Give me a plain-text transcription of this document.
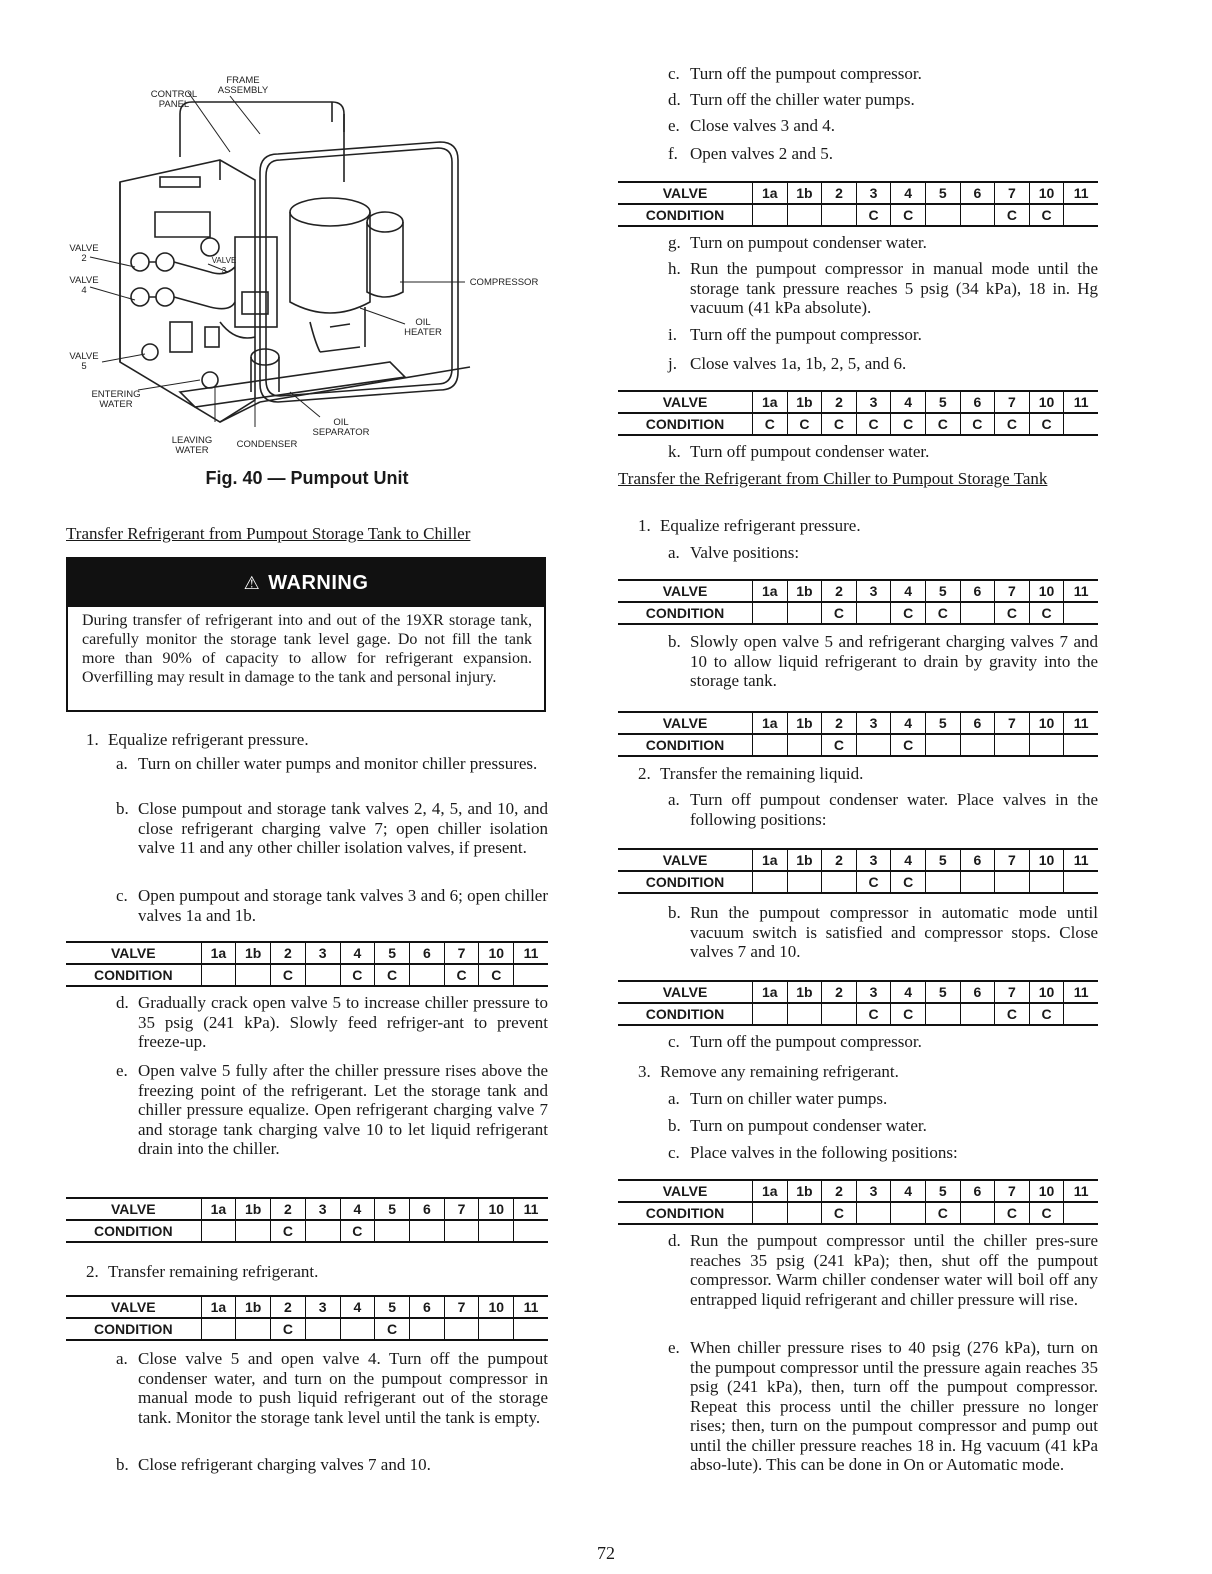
FRAME
ASSEMBLY
CONTROL
PANEL
VALVE
2
VALVE
4
VALVE
3
VALVE
5
COMPRESSOR
OIL
HEATER
ENTERING
WATER
LEAVING
WATER
CONDENSER
OIL
SEPARATOR
Fig. 40 — Pumpout Unit
Transfer Refrigerant from Pumpout Storage Tank to Chiller
⚠ WARNING
During transfer of refrigerant into and out of the 19XR storage tank, carefully monitor the storage tank level gage. Do not fill the tank more than 90% of capacity to allow for refrigerant expansion. Overfilling may result in damage to the tank and personal injury.
1. Equalize refrigerant pressure.
a. Turn on chiller water pumps and monitor chiller pressures.
b. Close pumpout and storage tank valves 2, 4, 5, and 10, and close refrigerant charging valve 7; open chiller isolation valve 11 and any other chiller isolation valves, if present.
c. Open pumpout and storage tank valves 3 and 6; open chiller valves 1a and 1b.
VALVE	1a	1b	2	3	4	5	6	7	10	11
CONDITION			C		C	C		C	C	
d. Gradually crack open valve 5 to increase chiller pressure to 35 psig (241 kPa). Slowly feed refriger-ant to prevent freeze-up.
e. Open valve 5 fully after the chiller pressure rises above the freezing point of the refrigerant. Let the storage tank and chiller pressure equalize. Open refrigerant charging valve 7 and storage tank charging valve 10 to let liquid refrigerant drain into the chiller.
VALVE	1a	1b	2	3	4	5	6	7	10	11
CONDITION			C		C					
2. Transfer remaining refrigerant.
VALVE	1a	1b	2	3	4	5	6	7	10	11
CONDITION			C			C				
a. Close valve 5 and open valve 4. Turn off the pumpout condenser water, and turn on the pumpout compressor in manual mode to push liquid refrigerant out of the storage tank. Monitor the storage tank level until the tank is empty.
b. Close refrigerant charging valves 7 and 10.
c. Turn off the pumpout compressor.
d. Turn off the chiller water pumps.
e. Close valves 3 and 4.
f. Open valves 2 and 5.
VALVE	1a	1b	2	3	4	5	6	7	10	11
CONDITION				C	C			C	C	
g. Turn on pumpout condenser water.
h. Run the pumpout compressor in manual mode until the storage tank pressure reaches 5 psig (34 kPa), 18 in. Hg vacuum (41 kPa absolute).
i. Turn off the pumpout compressor.
j. Close valves 1a, 1b, 2, 5, and 6.
VALVE	1a	1b	2	3	4	5	6	7	10	11
CONDITION	C	C	C	C	C	C	C	C	C	
k. Turn off pumpout condenser water.
Transfer the Refrigerant from Chiller to Pumpout Storage Tank
1. Equalize refrigerant pressure.
a. Valve positions:
VALVE	1a	1b	2	3	4	5	6	7	10	11
CONDITION			C		C	C		C	C	
b. Slowly open valve 5 and refrigerant charging valves 7 and 10 to allow liquid refrigerant to drain by gravity into the storage tank.
VALVE	1a	1b	2	3	4	5	6	7	10	11
CONDITION			C		C					
2. Transfer the remaining liquid.
a. Turn off pumpout condenser water. Place valves in the following positions:
VALVE	1a	1b	2	3	4	5	6	7	10	11
CONDITION				C	C					
b. Run the pumpout compressor in automatic mode until vacuum switch is satisfied and compressor stops. Close valves 7 and 10.
VALVE	1a	1b	2	3	4	5	6	7	10	11
CONDITION				C	C			C	C	
c. Turn off the pumpout compressor.
3. Remove any remaining refrigerant.
a. Turn on chiller water pumps.
b. Turn on pumpout condenser water.
c. Place valves in the following positions:
VALVE	1a	1b	2	3	4	5	6	7	10	11
CONDITION			C			C		C	C	
d. Run the pumpout compressor until the chiller pres-sure reaches 35 psig (241 kPa); then, shut off the pumpout compressor. Warm chiller condenser water will boil off any entrapped liquid refrigerant and chiller pressure will rise.
e. When chiller pressure rises to 40 psig (276 kPa), turn on the pumpout compressor until the pressure again reaches 35 psig (241 kPa), then, turn off the pumpout compressor. Repeat this process until the chiller pressure no longer rises; then, turn on the pumpout compressor and pump out until the chiller pressure reaches 18 in. Hg vacuum (41 kPa abso-lute). This can be done in On or Automatic mode.
72
